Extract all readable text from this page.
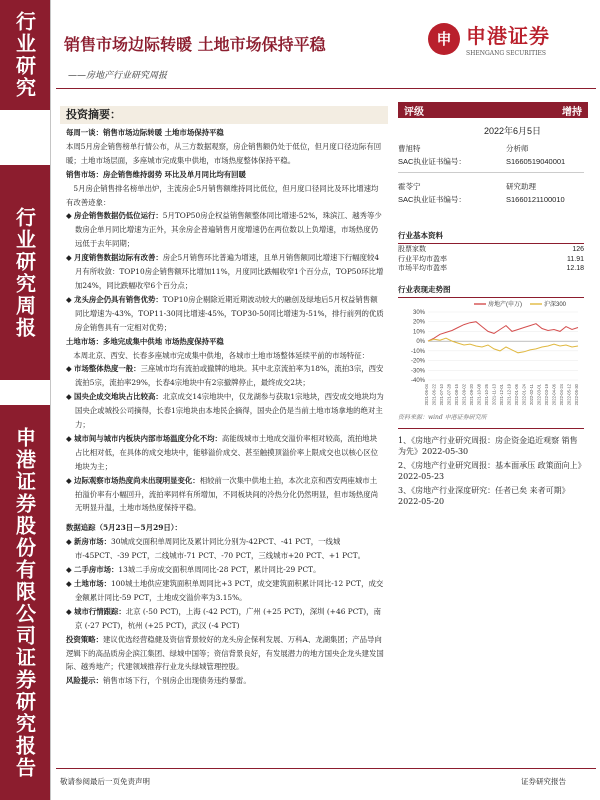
行业研究
行业研究周报
申港证券股份有限公司证券研究报告
销售市场边际转暖 土地市场保持平稳
——房地产行业研究周报
申 申港证券
SHENGANG SECURITIES
投资摘要：

每周一谈：销售市场边际转暖 土地市场保持平稳

本周5月房企销售榜单行情公布，从三方数据观察，房企销售额仍处于低位，但月度口径边际有回暖；土地市场层面，多座城市完成集中供地，市场热度整体保持平稳。

销售市场：房企销售维持弱势 环比及单月同比均有回暖

5月房企销售排名榜单出炉，主流房企5月销售额维持同比低位，但月度口径同比及环比增速均有改善迹象：

◆ 房企销售数据仍低位运行：5月TOP50房企权益销售额整体同比增速-52%，珠滨江、越秀等少数房企单月同比增速为正外，其余房企普遍销售月度增速仍在两位数以上负增速，市场热度仍远低于去年同期；

◆ 月度销售数据边际有改善：房企5月销售环比普遍为增速，且单月销售额同比增速下行幅度较4月有所收敛：TOP10房企销售额环比增加11%，月度同比跌幅收窄1个百分点，TOP50环比增加24%，同比跌幅收窄6个百分点；

◆ 龙头房企仍具有销售优势：TOP10房企剔除近期近期波动较大的融创及绿地后5月权益销售额同比增速为-43%，TOP11-30同比增速-45%，TOP30-50同比增速为-51%，排行前列的优质房企销售具有一定相对优势；

土地市场：多地完成集中供地 市场热度保持平稳

本周北京、西安、长春多座城市完成集中供地，各城市土地市场整体延续平前的市场特征：

◆ 市场整体热度一般：三座城市均有流拍或撤牌的地块。其中北京流拍率为18%，流拍3宗，西安流拍5宗，流拍率29%，长春4宗地块中有2宗撤牌停止，最终成交2块；

◆ 国央企成交地块占比较高：北京成交14宗地块中，仅龙湖参与获取1宗地块，西安成交地块均为国央企或城投公司摘得，长春1宗地块由本地民企摘得，国央企仍是当前土地市场拿地的绝对主力；

◆ 城市间与城市内板块内部市场温度分化不均：高能级城市土地成交溢价率相对较高，流拍地块占比相对低，在具体的成交地块中，能够溢价成交、甚至触摸顶溢价率上限成交也以核心区位地块为主；

◆ 边际观察市场热度尚未出现明显变化：相较前一次集中供地土拍，本次北京和西安两座城市土拍溢价率有小幅回升，流拍率同样有所增加，不同板块间的冷热分化仍然明显，但市场热度尚无明显升温，土地市场热度保持平稳。

数据追踪（5月23日－5月29日）：

◆ 新房市场：30城成交面积单周同比及累计同比分别为-42PCT、-41 PCT，一线城市-45PCT、-39 PCT，二线城市-71 PCT、-70 PCT，三线城市+20 PCT、+1 PCT。

◆ 二手房市场：13城二手房成交面积单周同比-28 PCT，累计同比-29 PCT。

◆ 土地市场：100城土地供应建筑面积单周同比+3 PCT，成交建筑面积累计同比-12 PCT，成交金额累计同比-59 PCT，土地成交溢价率为3.15%。

◆ 城市行情跟踪：北京 (-50 PCT)，上海 (-42 PCT)，广州 (+25 PCT)，深圳 (+46 PCT)，南京 (-27 PCT)，杭州 (+25 PCT)，武汉 (-4 PCT)

投资策略：建议优选经营稳健及资信背景较好的龙头房企保利发展、万科A、龙湖集团；产品导向逻辑下的高品质房企滨江集团、绿城中国等；资信背景良好，有发展潜力的地方国央企龙头建发国际、越秀地产；代建领域推荐行业龙头绿城管理控股。

风险提示：销售市场下行，个别房企出现债务违约暴雷。

评级	增持
2022年6月5日
曹旭特	分析师
SAC执业证书编号：	S1660519040001
霍苓宁	研究助理
SAC执业证书编号：	S1660121100010
行业基本资料
股票家数	126
行业平均市盈率	11.91
市场平均市盈率	12.18
行业表现走势图
30%
20%
10%
0%
-10%
-20%
-30%
-40%
2021-06-04 2021-06-22 2021-07-10 2021-07-28 2021-08-15 2021-09-02 2021-09-20 2021-10-08 2021-10-26 2021-11-13 2021-12-01 2021-12-19 2022-01-06 2022-01-24 2022-02-11 2022-03-01 2022-03-19 2022-04-06 2022-04-24 2022-05-12 2022-05-30
房地产(申万)	沪深300
资料来源：wind 申港证券研究所

1、《房地产行业研究周报：房企资金追近观察 销售为先》2022-05-30

2、《房地产行业研究周报：基本面承压 政策面向上》2022-05-23

3、《房地产行业深度研究：任者已矣 来者可期》2022-05-20

敬请参阅最后一页免责声明	证券研究报告
